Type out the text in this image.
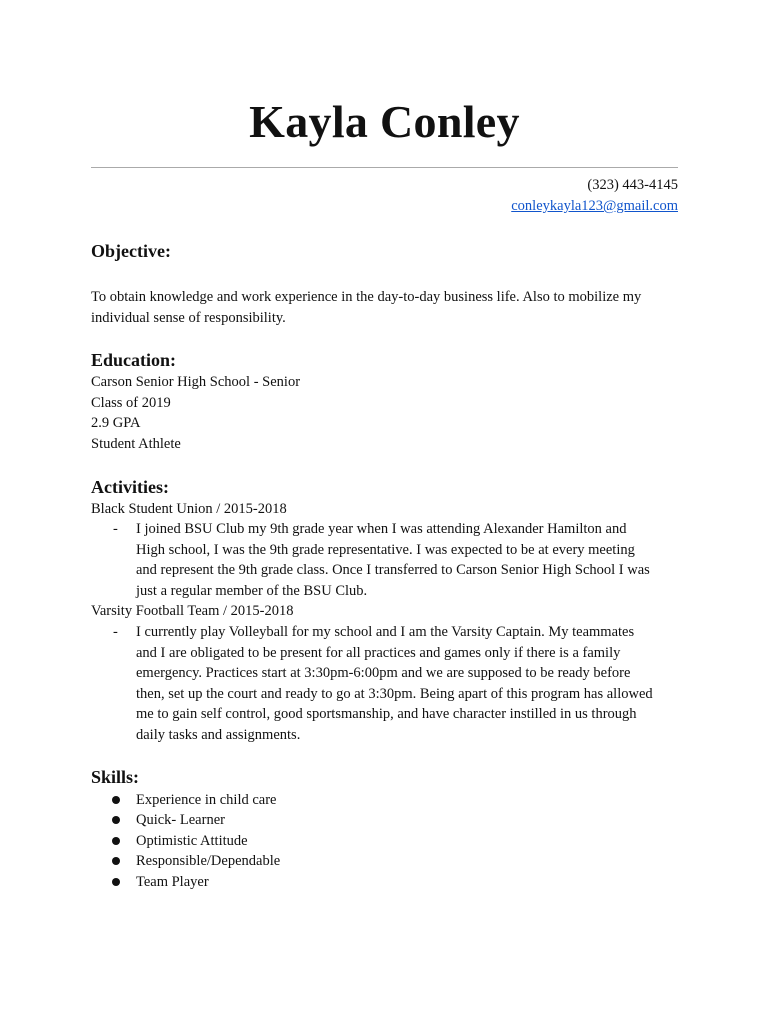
Kayla Conley
(323) 443-4145
conleykayla123@gmail.com
Objective:
To obtain knowledge and work experience in the day-to-day business life. Also to mobilize my
individual sense of responsibility.
Education:
Carson Senior High School - Senior
Class of 2019
2.9 GPA
Student Athlete
Activities:
Black Student Union / 2015-2018
- I joined BSU Club my 9th grade year when I was attending Alexander Hamilton and
High school, I was the 9th grade representative. I was expected to be at every meeting
and represent the 9th grade class. Once I transferred to Carson Senior High School I was
just a regular member of the BSU Club.
Varsity Football Team / 2015-2018
- I currently play Volleyball for my school and I am the Varsity Captain. My teammates
and I are obligated to be present for all practices and games only if there is a family
emergency. Practices start at 3:30pm-6:00pm and we are supposed to be ready before
then, set up the court and ready to go at 3:30pm. Being apart of this program has allowed
me to gain self control, good sportsmanship, and have character instilled in us through
daily tasks and assignments.
Skills:
Experience in child care
Quick- Learner
Optimistic Attitude
Responsible/Dependable
Team Player
